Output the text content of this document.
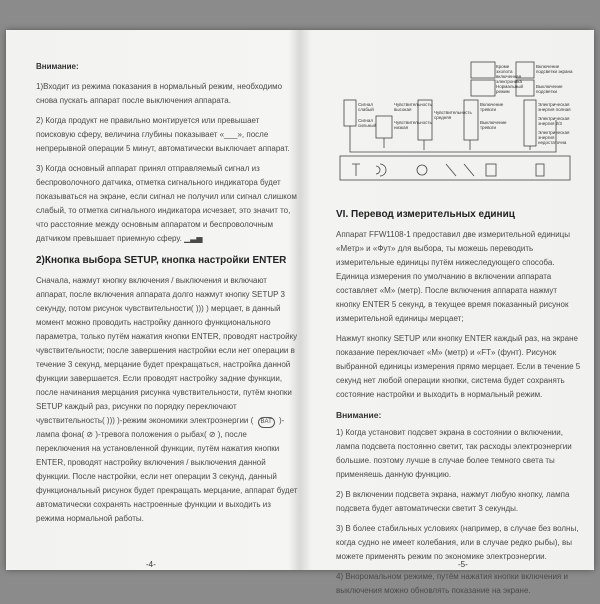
Внимание:

1)Входит из режима показания в нормальный режим, необходимо снова пускать аппарат после выключения аппарата.

2) Когда продукт не правильно монтируется или превышает поисковую сферу, величина глубины показывает «___», после непрерывной операции 5 минут, автоматически выключает аппарат.

3) Когда основный аппарат принял отправляемый сигнал из беспроволочного датчика, отметка сигнального индикатора будет показываться на экране, если сигнал не получил или сигнал слишком слабый, то отметка сигнального индикатора исчезает, это значит то, что расстояние между основным аппаратом и беспроволочным датчиком превышает приемную сферу. ▁▃▅

2)Кнопка выбора SETUP, кнопка настройки ENTER

Сначала, нажмут кнопку включения / выключения и включают аппарат, после включения аппарата долго нажмут кнопку SETUP 3 секунду, потом рисунок чувствительности( ))) ) мерцает, в данный момент можно проводить настройку данного функционального параметра, только путём нажатия кнопки ENTER, проводят настройку чувствительности; после завершения настройки если нет операции в течение 3 секунд, мерцание будет прекращаться, настройка данной функции завершается. Если проводят настройку задние функции, после начинания мерцания рисунка чувствительности, путём кнопки SETUP каждый раз, рисунки по порядку переключают чувствительность( ))) )-режим экономики электроэнергии ( BAT )-лампа фона( ⊘ )-тревога положения о рыбах( ⊘ ), после переключения на установленной функции, путём нажатия кнопки ENTER, проводят настройку включения / выключения данной функции. После настройки, если нет операции 3 секунд, данный функциональный рисунок будет прекращать мерцание, аппарат будет автоматически сохранять настроенные функции и выходить из режима нормальной работы.

-4-
Кроме эхолота включенная электроника
Нормальный режим
Включение подсветки экрана
Выключение подсветки
Сигнал слабый
Чувствительность высокая
Чувствительность низкая
Включение тревоги
Выключение тревоги
Электрическая энергия полная
Электрическая энергия 2/3
Электрическая энергия недостаточна
Сигнал сильный
Чувствительность средняя

VI. Перевод измерительных единиц

Аппарат FFW1108-1 предоставил две измерительной единицы «Метр» и «Фут» для выбора, ты можешь переводить измерительные единицы путём нижеследующего способа. Единица измерения по умолчанию в включении аппарата составляет «М» (метр). После включения аппарата нажмут кнопку ENTER 5 секунд, в текущее время показанный рисунок измерительной единицы мерцает;

Нажмут кнопку SETUP или кнопку ENTER каждый раз, на экране показание переключает «М» (метр) и «FT» (фунт). Рисунок выбранной единицы измерения прямо мерцает. Если в течение 5 секунд нет любой операции кнопки, система будет сохранять состояние настройки и выходить в нормальный режим.

Внимание:

1) Когда установит подсвет экрана в состоянии о включении, лампа подсвета постоянно светит, так расходы электроэнергии большие. поэтому лучше в случае более темного света ты применяешь данную функцию.

2) В включении подсвета экрана, нажмут любую кнопку, лампа подсвета будет автоматически светит 3 секунды.

3) В более стабильных условиях (например, в случае без волны, когда судно не имеет колебания, или в случае редко рыбы), вы можете применять режим по экономике электроэнергии.

4) Вноромальном режиме, путём нажатия кнопки включения и выключения можно обновлять показание на экране.

-5-
